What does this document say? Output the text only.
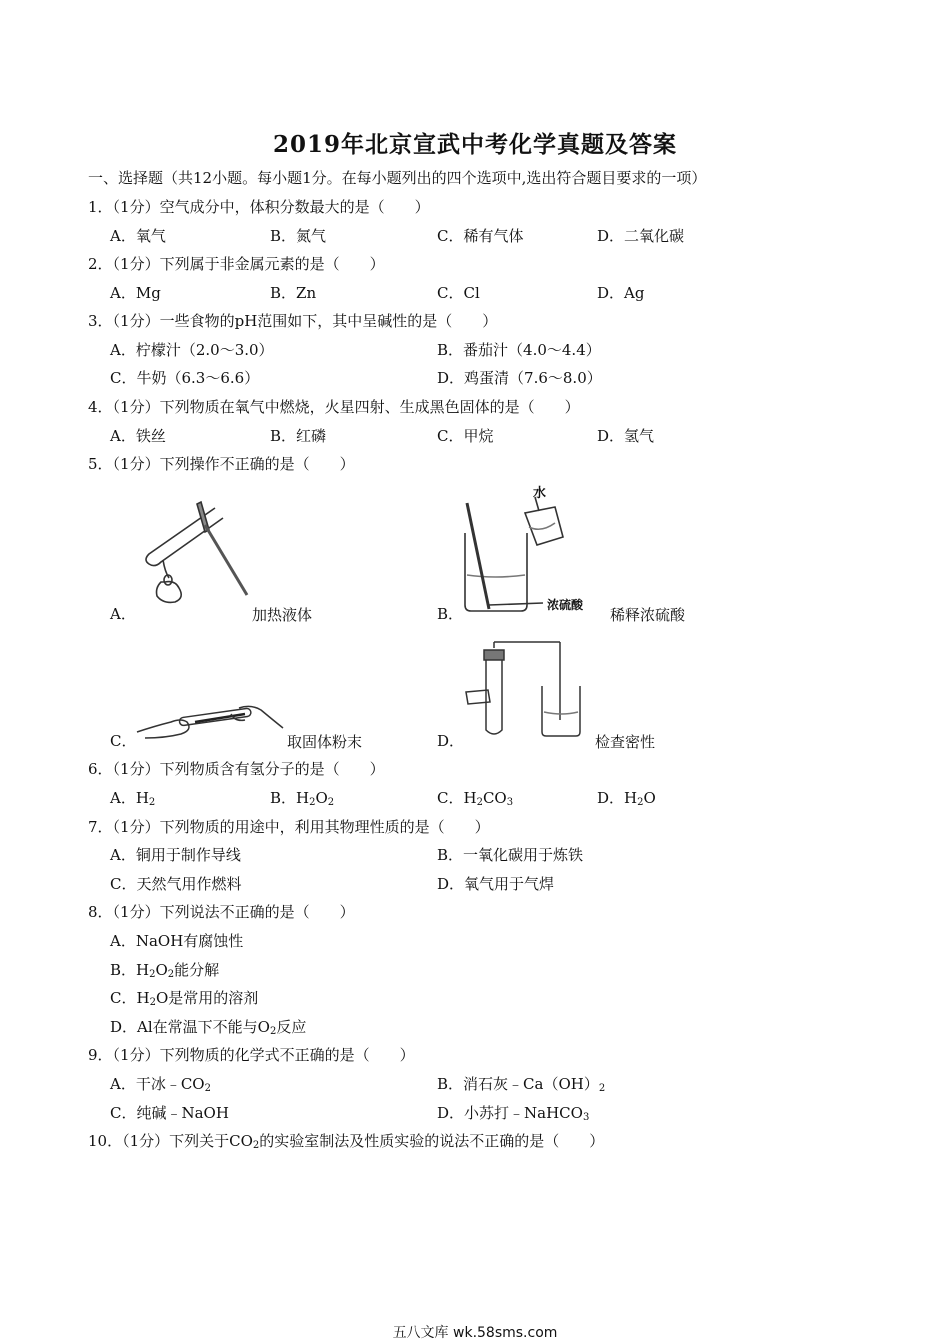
2019年北京宣武中考化学真题及答案
一、选择题（共12小题。每小题1分。在每小题列出的四个选项中,选出符合题目要求的一项）
1．（1分）空气成分中，体积分数最大的是（　　）
A．氧气	B．氮气	C．稀有气体	D．二氧化碳
2．（1分）下列属于非金属元素的是（　　）
A．Mg	B．Zn	C．Cl	D．Ag
3．（1分）一些食物的pH范围如下，其中呈碱性的是（　　）
A．柠檬汁（2.0～3.0）	B．番茄汁（4.0～4.4）
C．牛奶（6.3～6.6）	D．鸡蛋清（7.6～8.0）
4．（1分）下列物质在氧气中燃烧，火星四射、生成黑色固体的是（　　）
A．铁丝	B．红磷	C．甲烷	D．氢气
5．（1分）下列操作不正确的是（　　）
A．	加热液体
水
浓硫酸
B．	稀释浓硫酸
C．	取固体粉末	D．	检查密性
6．（1分）下列物质含有氢分子的是（　　）
A．$H_2$	B．$H_2O_2$	C．$H_2CO_3$	D．$H_2O$
7．（1分）下列物质的用途中，利用其物理性质的是（　　）
A．铜用于制作导线	B．一氧化碳用于炼铁
C．天然气用作燃料	D．氧气用于气焊
8．（1分）下列说法不正确的是（　　）
A．NaOH有腐蚀性
B．$H_2O_2$能分解
C．$H_2O$是常用的溶剂
D．Al在常温下不能与$O_2$反应
9．（1分）下列物质的化学式不正确的是（　　）
A．干冰$﹣CO_2$	B．消石灰$﹣Ca(OH)_2$
C．纯碱﹣NaOH	D．小苏打﹣NaHCO$_3$
10．（1分）下列关于$CO_2$的实验室制法及性质实验的说法不正确的是（　　）
五八文库 wk.58sms.com
